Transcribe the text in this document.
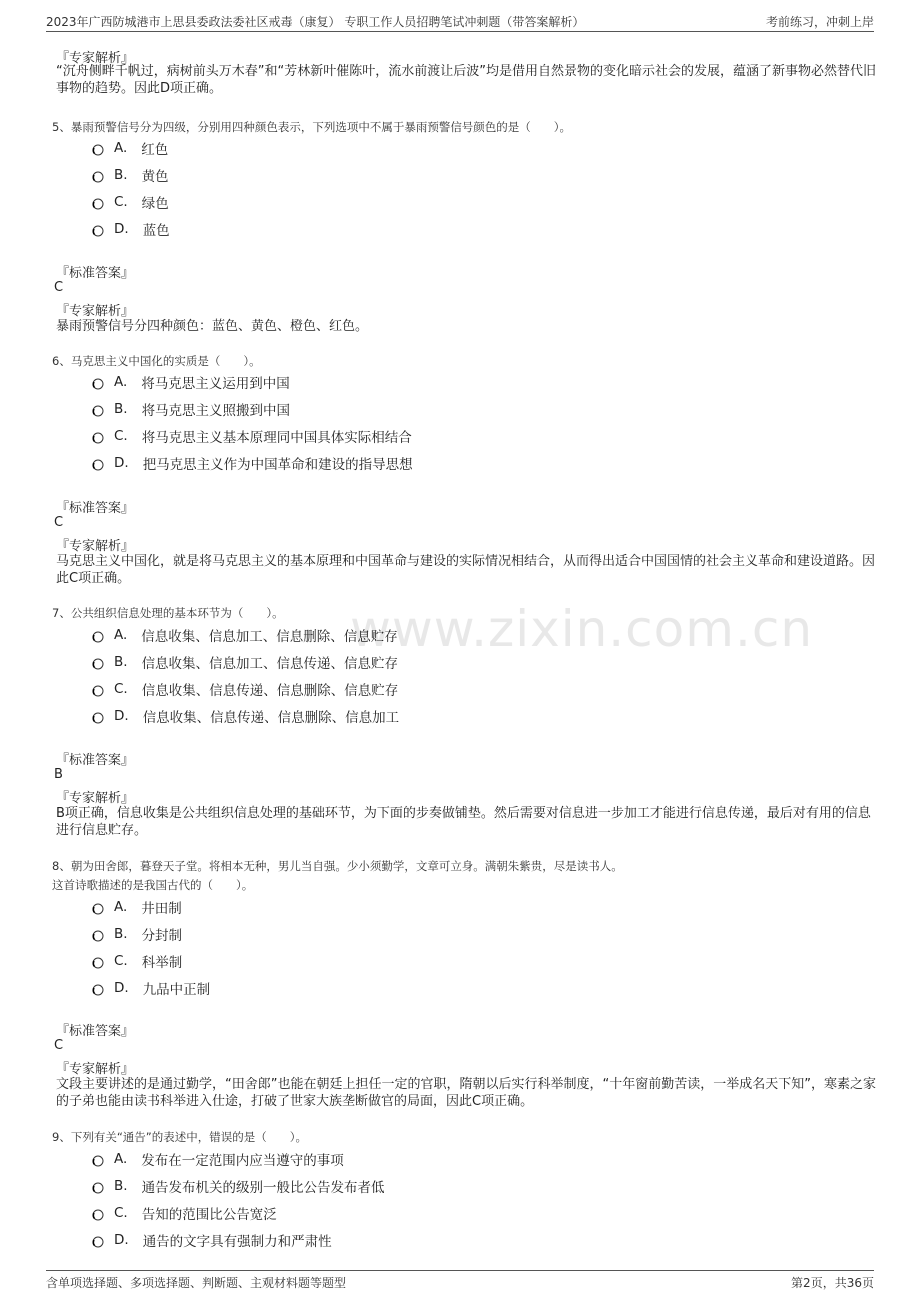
2023年广西防城港市上思县委政法委社区戒毒（康复） 专职工作人员招聘笔试冲刺题（带答案解析）	考前练习，冲刺上岸
www.zixin.com.cn
『专家解析』
“沉舟侧畔千帆过，病树前头万木春”和“芳林新叶催陈叶，流水前渡让后波”均是借用自然景物的变化暗示社会的发展，蕴涵了新事物必然替代旧事物的趋势。因此D项正确。
5、暴雨预警信号分为四级，分别用四种颜色表示，下列选项中不属于暴雨预警信号颜色的是（　　）。
A. 红色
B. 黄色
C. 绿色
D. 蓝色
『标准答案』
C
『专家解析』
暴雨预警信号分四种颜色：蓝色、黄色、橙色、红色。
6、马克思主义中国化的实质是（　　）。
A. 将马克思主义运用到中国
B. 将马克思主义照搬到中国
C. 将马克思主义基本原理同中国具体实际相结合
D. 把马克思主义作为中国革命和建设的指导思想
『标准答案』
C
『专家解析』
马克思主义中国化，就是将马克思主义的基本原理和中国革命与建设的实际情况相结合，从而得出适合中国国情的社会主义革命和建设道路。因此C项正确。
7、公共组织信息处理的基本环节为（　　）。
A. 信息收集、信息加工、信息删除、信息贮存
B. 信息收集、信息加工、信息传递、信息贮存
C. 信息收集、信息传递、信息删除、信息贮存
D. 信息收集、信息传递、信息删除、信息加工
『标准答案』
B
『专家解析』
B项正确，信息收集是公共组织信息处理的基础环节，为下面的步奏做铺垫。然后需要对信息进一步加工才能进行信息传递，最后对有用的信息进行信息贮存。
8、朝为田舍郎，暮登天子堂。将相本无种，男儿当自强。少小须勤学，文章可立身。满朝朱紫贵，尽是读书人。
这首诗歌描述的是我国古代的（　　）。
A. 井田制
B. 分封制
C. 科举制
D. 九品中正制
『标准答案』
C
『专家解析』
文段主要讲述的是通过勤学，“田舍郎”也能在朝廷上担任一定的官职，隋朝以后实行科举制度，“十年窗前勤苦读，一举成名天下知”，寒素之家的子弟也能由读书科举进入仕途，打破了世家大族垄断做官的局面，因此C项正确。
9、下列有关“通告”的表述中，错误的是（　　）。
A. 发布在一定范围内应当遵守的事项
B. 通告发布机关的级别一般比公告发布者低
C. 告知的范围比公告宽泛
D. 通告的文字具有强制力和严肃性
含单项选择题、多项选择题、判断题、主观材料题等题型	第2页，共36页
